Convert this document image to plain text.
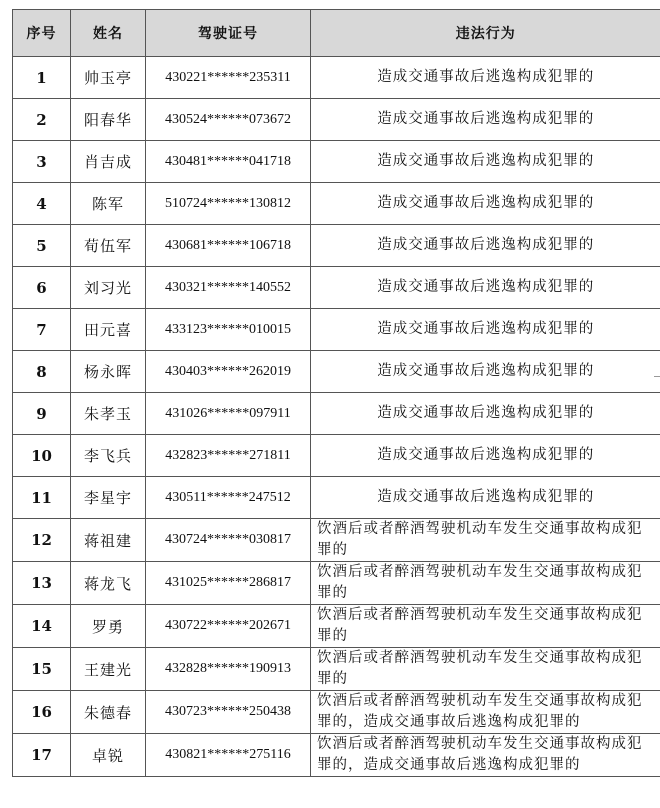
序号	姓名	驾驶证号	违法行为
1	帅玉亭	430221******235311	造成交通事故后逃逸构成犯罪的
2	阳春华	430524******073672	造成交通事故后逃逸构成犯罪的
3	肖吉成	430481******041718	造成交通事故后逃逸构成犯罪的
4	陈军	510724******130812	造成交通事故后逃逸构成犯罪的
5	荀伍军	430681******106718	造成交通事故后逃逸构成犯罪的
6	刘习光	430321******140552	造成交通事故后逃逸构成犯罪的
7	田元喜	433123******010015	造成交通事故后逃逸构成犯罪的
8	杨永晖	430403******262019	造成交通事故后逃逸构成犯罪的
9	朱孝玉	431026******097911	造成交通事故后逃逸构成犯罪的
10	李飞兵	432823******271811	造成交通事故后逃逸构成犯罪的
11	李星宇	430511******247512	造成交通事故后逃逸构成犯罪的
12	蒋祖建	430724******030817	饮酒后或者醉酒驾驶机动车发生交通事故构成犯罪的
13	蒋龙飞	431025******286817	饮酒后或者醉酒驾驶机动车发生交通事故构成犯罪的
14	罗勇	430722******202671	饮酒后或者醉酒驾驶机动车发生交通事故构成犯罪的
15	王建光	432828******190913	饮酒后或者醉酒驾驶机动车发生交通事故构成犯罪的
16	朱德春	430723******250438	饮酒后或者醉酒驾驶机动车发生交通事故构成犯罪的，造成交通事故后逃逸构成犯罪的
17	卓锐	430821******275116	饮酒后或者醉酒驾驶机动车发生交通事故构成犯罪的，造成交通事故后逃逸构成犯罪的
